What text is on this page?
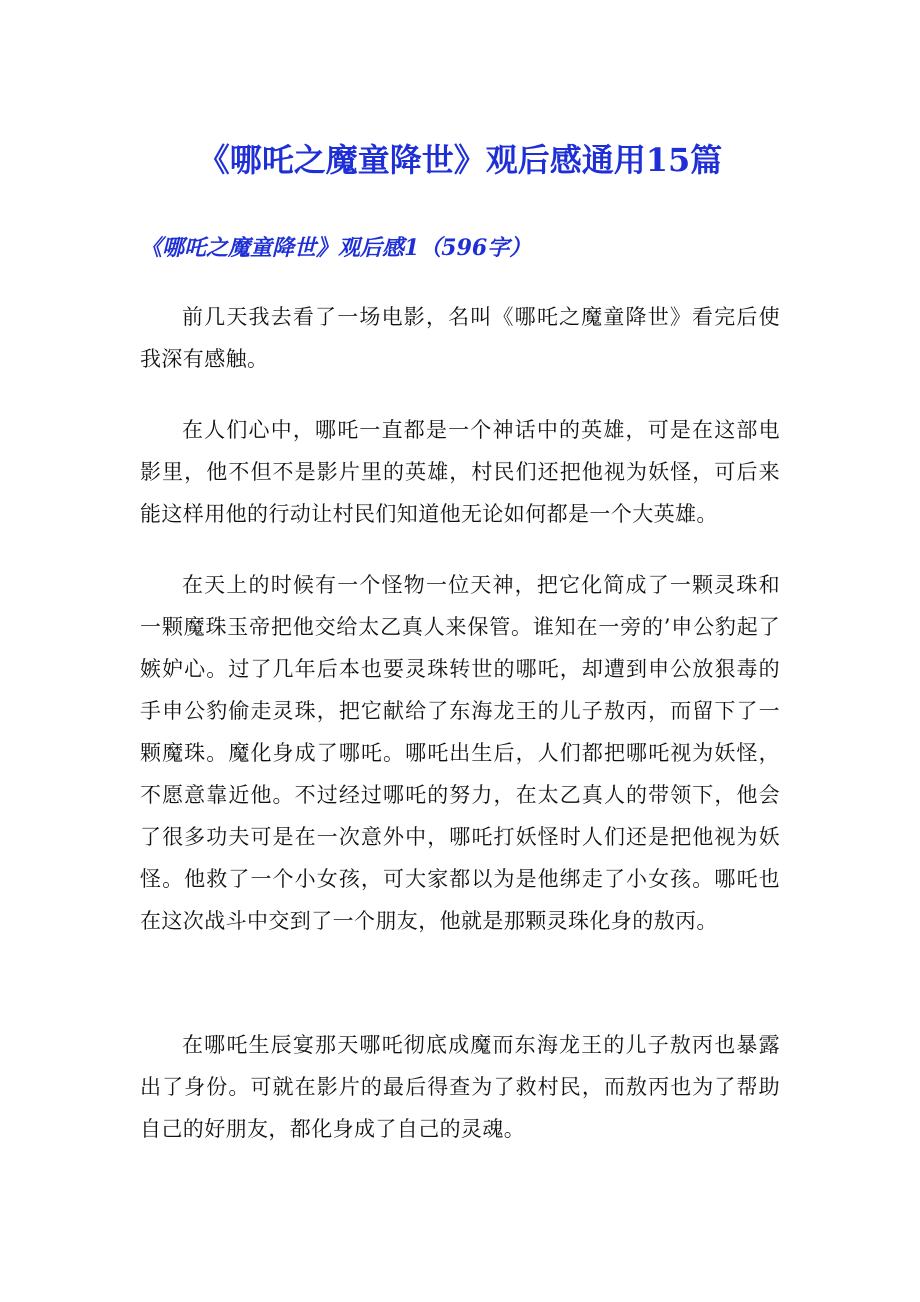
《哪吒之魔童降世》观后感通用15篇
《哪吒之魔童降世》观后感1（596字）

前几天我去看了一场电影，名叫《哪吒之魔童降世》看完后使我深有感触。

在人们心中，哪吒一直都是一个神话中的英雄，可是在这部电影里，他不但不是影片里的英雄，村民们还把他视为妖怪，可后来能这样用他的行动让村民们知道他无论如何都是一个大英雄。

在天上的时候有一个怪物一位天神，把它化简成了一颗灵珠和一颗魔珠玉帝把他交给太乙真人来保管。谁知在一旁的’申公豹起了嫉妒心。过了几年后本也要灵珠转世的哪吒，却遭到申公放狠毒的手申公豹偷走灵珠，把它献给了东海龙王的儿子敖丙，而留下了一颗魔珠。魔化身成了哪吒。哪吒出生后，人们都把哪吒视为妖怪，不愿意靠近他。不过经过哪吒的努力，在太乙真人的带领下，他会了很多功夫可是在一次意外中，哪吒打妖怪时人们还是把他视为妖怪。他救了一个小女孩，可大家都以为是他绑走了小女孩。哪吒也在这次战斗中交到了一个朋友，他就是那颗灵珠化身的敖丙。

在哪吒生辰宴那天哪吒彻底成魔而东海龙王的儿子敖丙也暴露出了身份。可就在影片的最后得查为了救村民，而敖丙也为了帮助自己的好朋友，都化身成了自己的灵魂。
